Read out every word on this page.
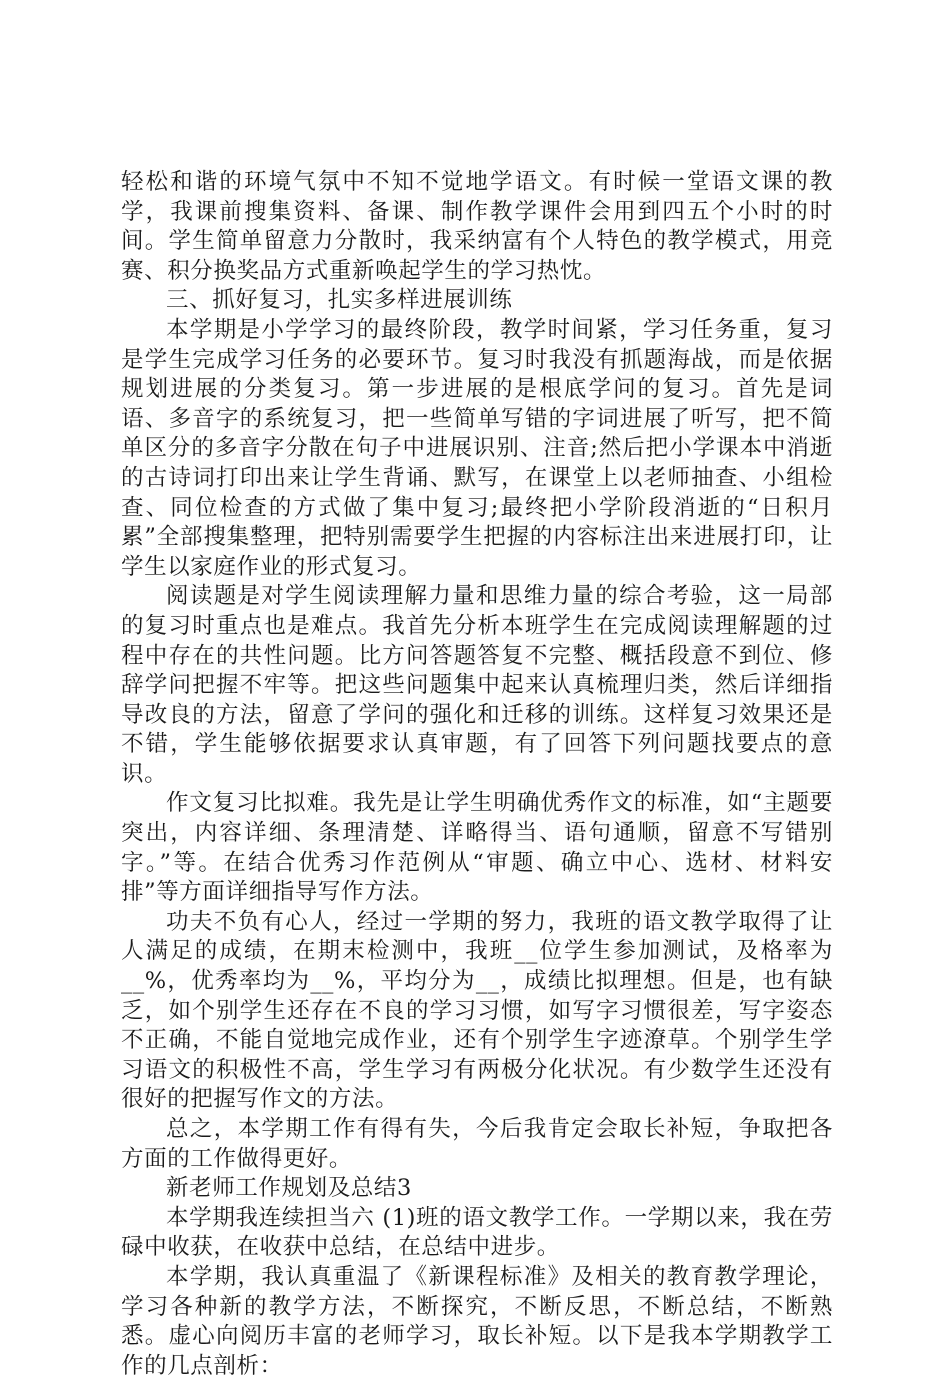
轻松和谐的环境气氛中不知不觉地学语文。有时候一堂语文课的教学，我课前搜集资料、备课、制作教学课件会用到四五个小时的时间。学生简单留意力分散时，我采纳富有个人特色的教学模式，用竞赛、积分换奖品方式重新唤起学生的学习热忱。

三、抓好复习，扎实多样进展训练

本学期是小学学习的最终阶段，教学时间紧，学习任务重，复习是学生完成学习任务的必要环节。复习时我没有抓题海战，而是依据规划进展的分类复习。第一步进展的是根底学问的复习。首先是词语、多音字的系统复习，把一些简单写错的字词进展了听写，把不简单区分的多音字分散在句子中进展识别、注音;然后把小学课本中消逝的古诗词打印出来让学生背诵、默写，在课堂上以老师抽查、小组检查、同位检查的方式做了集中复习;最终把小学阶段消逝的“日积月累”全部搜集整理，把特别需要学生把握的内容标注出来进展打印，让学生以家庭作业的形式复习。

阅读题是对学生阅读理解力量和思维力量的综合考验，这一局部的复习时重点也是难点。我首先分析本班学生在完成阅读理解题的过程中存在的共性问题。比方问答题答复不完整、概括段意不到位、修辞学问把握不牢等。把这些问题集中起来认真梳理归类，然后详细指导改良的方法，留意了学问的强化和迁移的训练。这样复习效果还是不错，学生能够依据要求认真审题，有了回答下列问题找要点的意识。

作文复习比拟难。我先是让学生明确优秀作文的标准，如“主题要突出，内容详细、条理清楚、详略得当、语句通顺，留意不写错别字。”等。在结合优秀习作范例从“审题、确立中心、选材、材料安排”等方面详细指导写作方法。

功夫不负有心人，经过一学期的努力，我班的语文教学取得了让人满足的成绩，在期末检测中，我班__位学生参加测试，及格率为__%，优秀率均为__%，平均分为__，成绩比拟理想。但是，也有缺乏，如个别学生还存在不良的学习习惯，如写字习惯很差，写字姿态不正确，不能自觉地完成作业，还有个别学生字迹潦草。个别学生学习语文的积极性不高，学生学习有两极分化状况。有少数学生还没有很好的把握写作文的方法。

总之，本学期工作有得有失，今后我肯定会取长补短，争取把各方面的工作做得更好。

新老师工作规划及总结3

本学期我连续担当六 (1)班的语文教学工作。一学期以来，我在劳碌中收获，在收获中总结，在总结中进步。

本学期，我认真重温了《新课程标准》及相关的教育教学理论，学习各种新的教学方法，不断探究，不断反思，不断总结，不断熟悉。虚心向阅历丰富的老师学习，取长补短。以下是我本学期教学工作的几点剖析：
